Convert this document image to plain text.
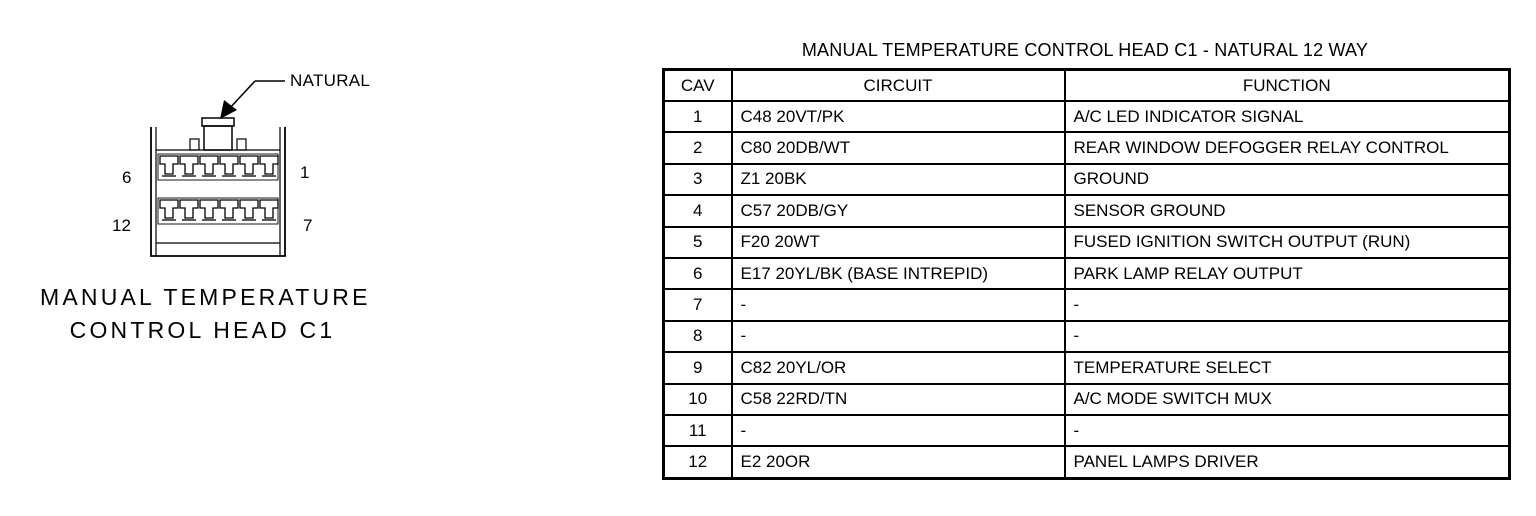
NATURAL
6	1
12	7
MANUAL TEMPERATURE
CONTROL HEAD C1
MANUAL TEMPERATURE CONTROL HEAD C1 - NATURAL 12 WAY
CAV	CIRCUIT	FUNCTION
1	C48 20VT/PK	A/C LED INDICATOR SIGNAL
2	C80 20DB/WT	REAR WINDOW DEFOGGER RELAY CONTROL
3	Z1 20BK	GROUND
4	C57 20DB/GY	SENSOR GROUND
5	F20 20WT	FUSED IGNITION SWITCH OUTPUT (RUN)
6	E17 20YL/BK (BASE INTREPID)	PARK LAMP RELAY OUTPUT
7	-	-
8	-	-
9	C82 20YL/OR	TEMPERATURE SELECT
10	C58 22RD/TN	A/C MODE SWITCH MUX
11	-	-
12	E2 20OR	PANEL LAMPS DRIVER
